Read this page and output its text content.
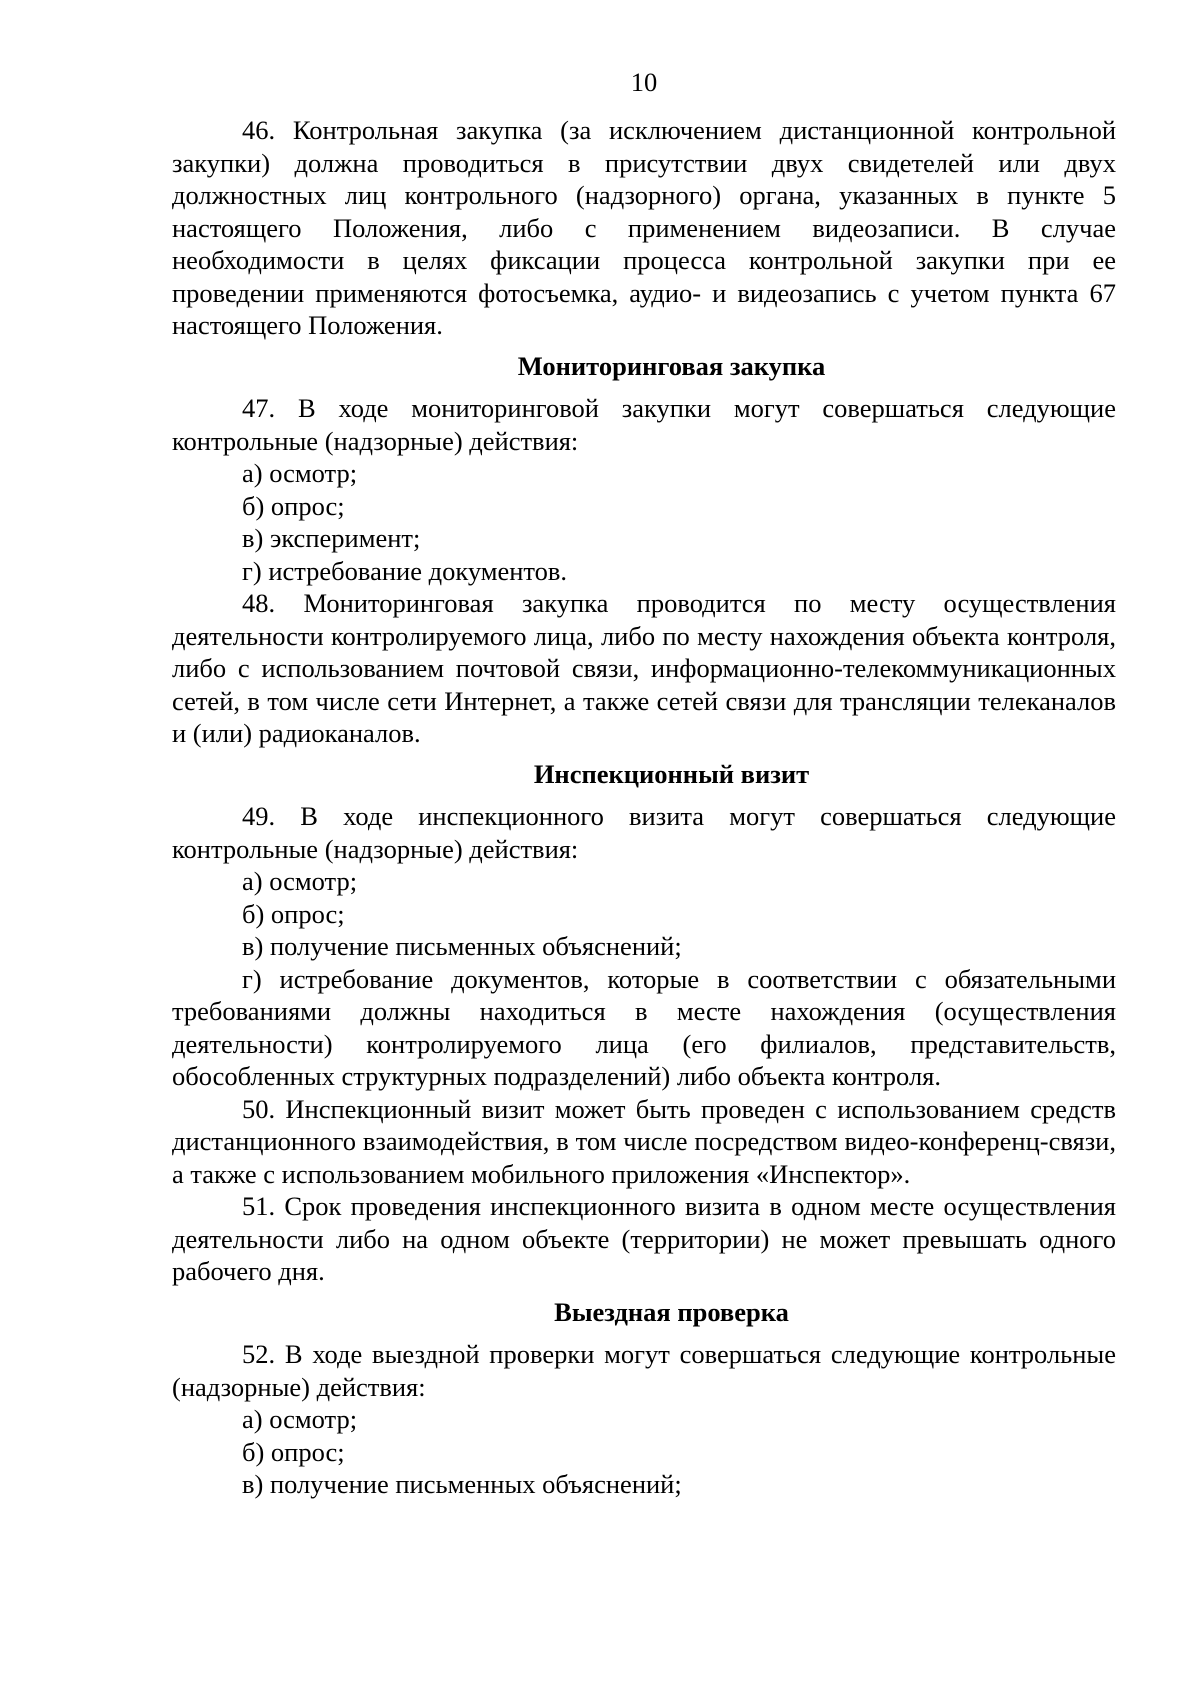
10

46. Контрольная закупка (за исключением дистанционной контрольной закупки) должна проводиться в присутствии двух свидетелей или двух должностных лиц контрольного (надзорного) органа, указанных в пункте 5 настоящего Положения, либо с применением видеозаписи. В случае необходимости в целях фиксации процесса контрольной закупки при ее проведении применяются фотосъемка, аудио- и видеозапись с учетом пункта 67 настоящего Положения.

Мониторинговая закупка

47. В ходе мониторинговой закупки могут совершаться следующие контрольные (надзорные) действия:

а) осмотр;

б) опрос;

в) эксперимент;

г) истребование документов.

48. Мониторинговая закупка проводится по месту осуществления деятельности контролируемого лица, либо по месту нахождения объекта контроля, либо с использованием почтовой связи, информационно-телекоммуникационных сетей, в том числе сети Интернет, а также сетей связи для трансляции телеканалов и (или) радиоканалов.

Инспекционный визит

49. В ходе инспекционного визита могут совершаться следующие контрольные (надзорные) действия:

а) осмотр;

б) опрос;

в) получение письменных объяснений;

г) истребование документов, которые в соответствии с обязательными требованиями должны находиться в месте нахождения (осуществления деятельности) контролируемого лица (его филиалов, представительств, обособленных структурных подразделений) либо объекта контроля.

50. Инспекционный визит может быть проведен с использованием средств дистанционного взаимодействия, в том числе посредством видео-конференц-связи, а также с использованием мобильного приложения «Инспектор».

51. Срок проведения инспекционного визита в одном месте осуществления деятельности либо на одном объекте (территории) не может превышать одного рабочего дня.

Выездная проверка

52. В ходе выездной проверки могут совершаться следующие контрольные (надзорные) действия:

а) осмотр;

б) опрос;

в) получение письменных объяснений;
